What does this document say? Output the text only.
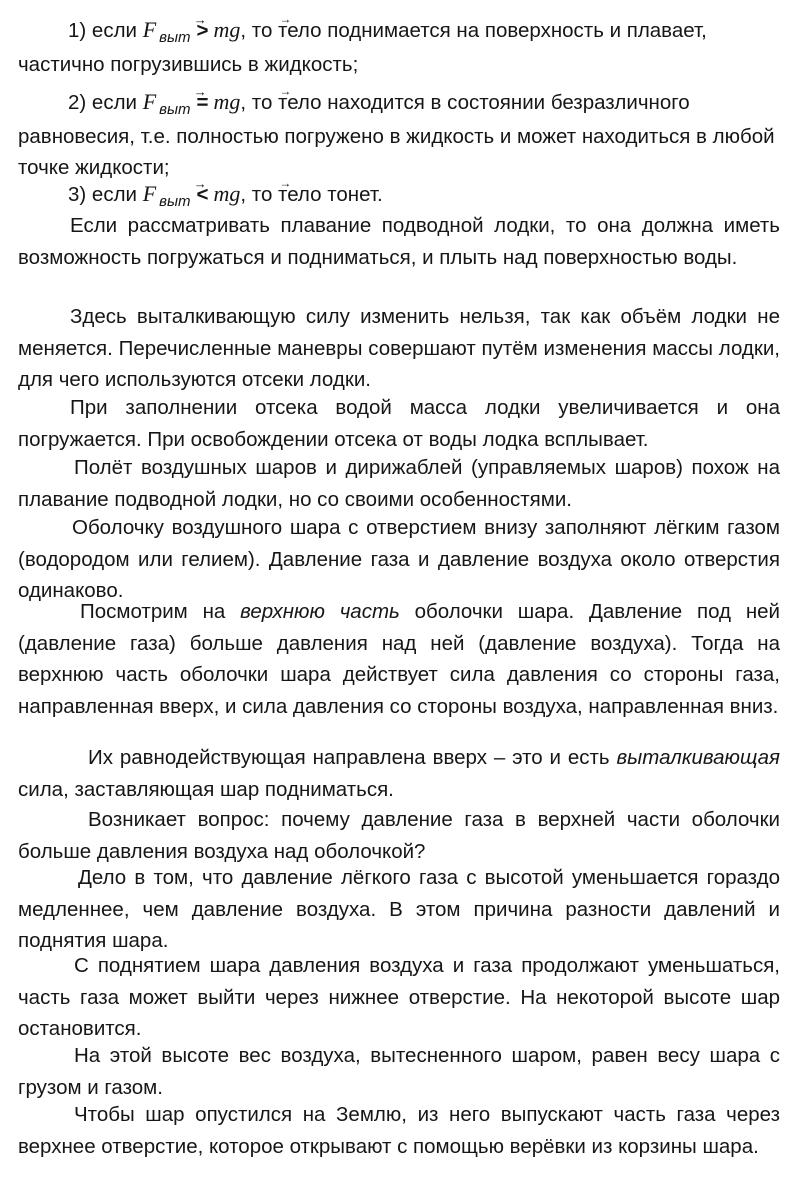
1) если → F $_{выт}$ > m→ g, то тело поднимается на поверхность и плавает, частично погрузившись в жидкость;

2) если → F $_{выт}$ = m→ g, то тело находится в состоянии безразличного равновесия, т.е. полностью погружено в жидкость и может находиться в любой точке жидкости;

3) если → F $_{выт}$ < m→ g, то тело тонет.

Если рассматривать плавание подводной лодки, то она должна иметь возможность погружаться и подниматься, и плыть над поверхностью воды.

Здесь выталкивающую силу изменить нельзя, так как объём лодки не меняется. Перечисленные маневры совершают путём изменения массы лодки, для чего используются отсеки лодки.

При заполнении отсека водой масса лодки увеличивается и она погружается. При освобождении отсека от воды лодка всплывает.

Полёт воздушных шаров и дирижаблей (управляемых шаров) похож на плавание подводной лодки, но со своими особенностями.

Оболочку воздушного шара с отверстием внизу заполняют лёгким газом (водородом или гелием). Давление газа и давление воздуха около отверстия одинаково.

Посмотрим на верхнюю часть оболочки шара. Давление под ней (давление газа) больше давления над ней (давление воздуха). Тогда на верхнюю часть оболочки шара действует сила давления со стороны газа, направленная вверх, и сила давления со стороны воздуха, направленная вниз.

Их равнодействующая направлена вверх – это и есть выталкивающая сила, заставляющая шар подниматься.

Возникает вопрос: почему давление газа в верхней части оболочки больше давления воздуха над оболочкой?

Дело в том, что давление лёгкого газа с высотой уменьшается гораздо медленнее, чем давление воздуха. В этом причина разности давлений и поднятия шара.

С поднятием шара давления воздуха и газа продолжают уменьшаться, часть газа может выйти через нижнее отверстие. На некоторой высоте шар остановится.

На этой высоте вес воздуха, вытесненного шаром, равен весу шара с грузом и газом.

Чтобы шар опустился на Землю, из него выпускают часть газа через верхнее отверстие, которое открывают с помощью верёвки из корзины шара.
